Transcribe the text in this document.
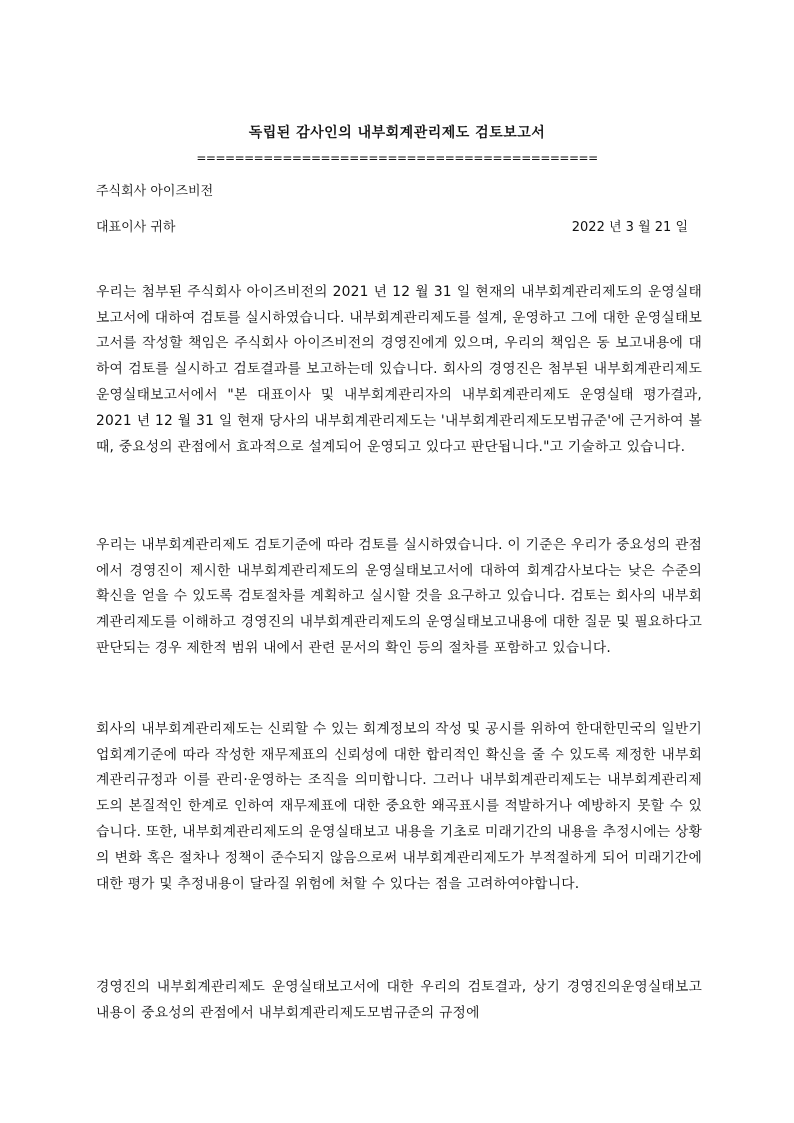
독립된 감사인의 내부회계관리제도 검토보고서
==========================================
주식회사 아이즈비전
대표이사 귀하	2022 년 3 월 21 일

우리는 첨부된 주식회사 아이즈비전의 2021 년 12 월 31 일 현재의 내부회계관리제도의 운영실태보고서에 대하여 검토를 실시하였습니다. 내부회계관리제도를 설계, 운영하고 그에 대한 운영실태보고서를 작성할 책임은 주식회사 아이즈비전의 경영진에게 있으며, 우리의 책임은 동 보고내용에 대하여 검토를 실시하고 검토결과를 보고하는데 있습니다. 회사의 경영진은 첨부된 내부회계관리제도 운영실태보고서에서 "본 대표이사 및 내부회계관리자의 내부회계관리제도 운영실태 평가결과, 2021 년 12 월 31 일 현재 당사의 내부회계관리제도는 '내부회계관리제도모범규준'에 근거하여 볼 때, 중요성의 관점에서 효과적으로 설계되어 운영되고 있다고 판단됩니다."고 기술하고 있습니다.

우리는 내부회계관리제도 검토기준에 따라 검토를 실시하였습니다. 이 기준은 우리가 중요성의 관점에서 경영진이 제시한 내부회계관리제도의 운영실태보고서에 대하여 회계감사보다는 낮은 수준의 확신을 얻을 수 있도록 검토절차를 계획하고 실시할 것을 요구하고 있습니다. 검토는 회사의 내부회계관리제도를 이해하고 경영진의 내부회계관리제도의 운영실태보고내용에 대한 질문 및 필요하다고 판단되는 경우 제한적 범위 내에서 관련 문서의 확인 등의 절차를 포함하고 있습니다.

회사의 내부회계관리제도는 신뢰할 수 있는 회계정보의 작성 및 공시를 위하여 한대한민국의 일반기업회계기준에 따라 작성한 재무제표의 신뢰성에 대한 합리적인 확신을 줄 수 있도록 제정한 내부회계관리규정과 이를 관리·운영하는 조직을 의미합니다. 그러나 내부회계관리제도는 내부회계관리제도의 본질적인 한계로 인하여 재무제표에 대한 중요한 왜곡표시를 적발하거나 예방하지 못할 수 있습니다. 또한, 내부회계관리제도의 운영실태보고 내용을 기초로 미래기간의 내용을 추정시에는 상황의 변화 혹은 절차나 정책이 준수되지 않음으로써 내부회계관리제도가 부적절하게 되어 미래기간에 대한 평가 및 추정내용이 달라질 위험에 처할 수 있다는 점을 고려하여야합니다.

경영진의 내부회계관리제도 운영실태보고서에 대한 우리의 검토결과, 상기 경영진의운영실태보고 내용이 중요성의 관점에서 내부회계관리제도모범규준의 규정에
